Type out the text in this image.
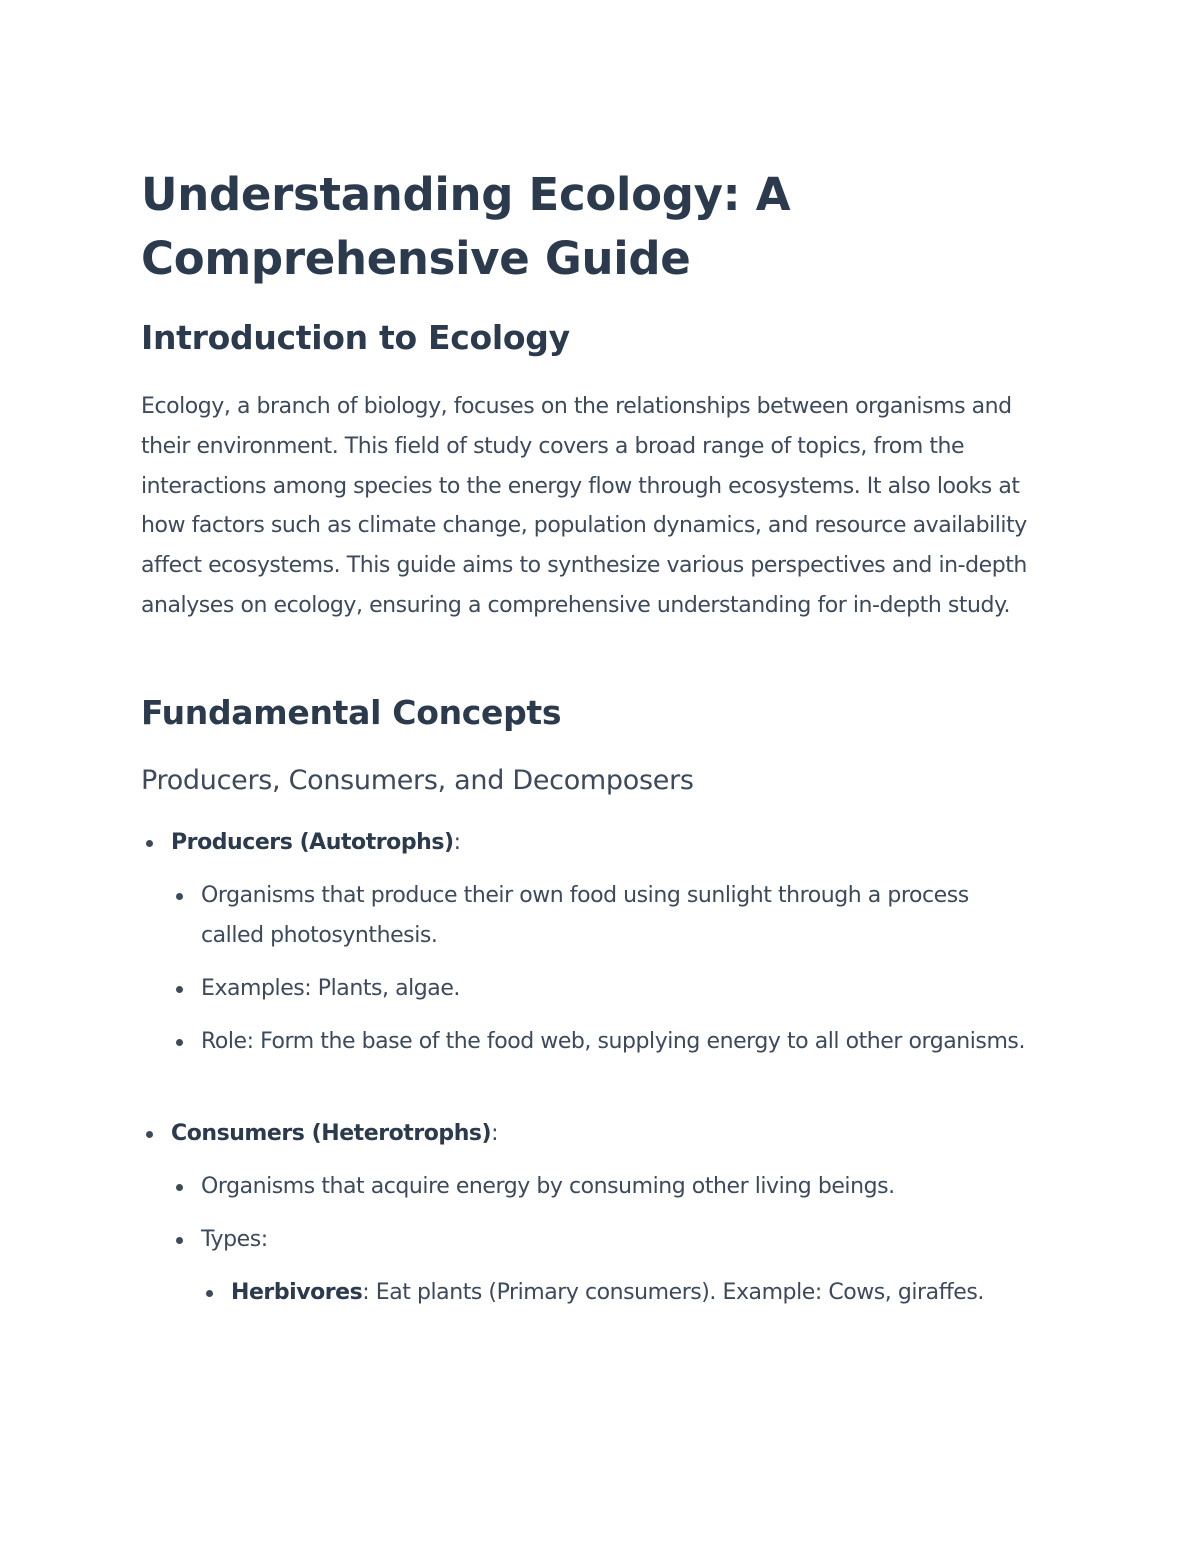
Understanding Ecology: A Comprehensive Guide
Introduction to Ecology

Ecology, a branch of biology, focuses on the relationships between organisms and their environment. This field of study covers a broad range of topics, from the interactions among species to the energy flow through ecosystems. It also looks at how factors such as climate change, population dynamics, and resource availability affect ecosystems. This guide aims to synthesize various perspectives and in-depth analyses on ecology, ensuring a comprehensive understanding for in-depth study.

Fundamental Concepts
Producers, Consumers, and Decomposers
Producers (Autotrophs):
Organisms that produce their own food using sunlight through a process called photosynthesis.
Examples: Plants, algae.
Role: Form the base of the food web, supplying energy to all other organisms.
Consumers (Heterotrophs):
Organisms that acquire energy by consuming other living beings.
Types:
Herbivores: Eat plants (Primary consumers). Example: Cows, giraffes.
